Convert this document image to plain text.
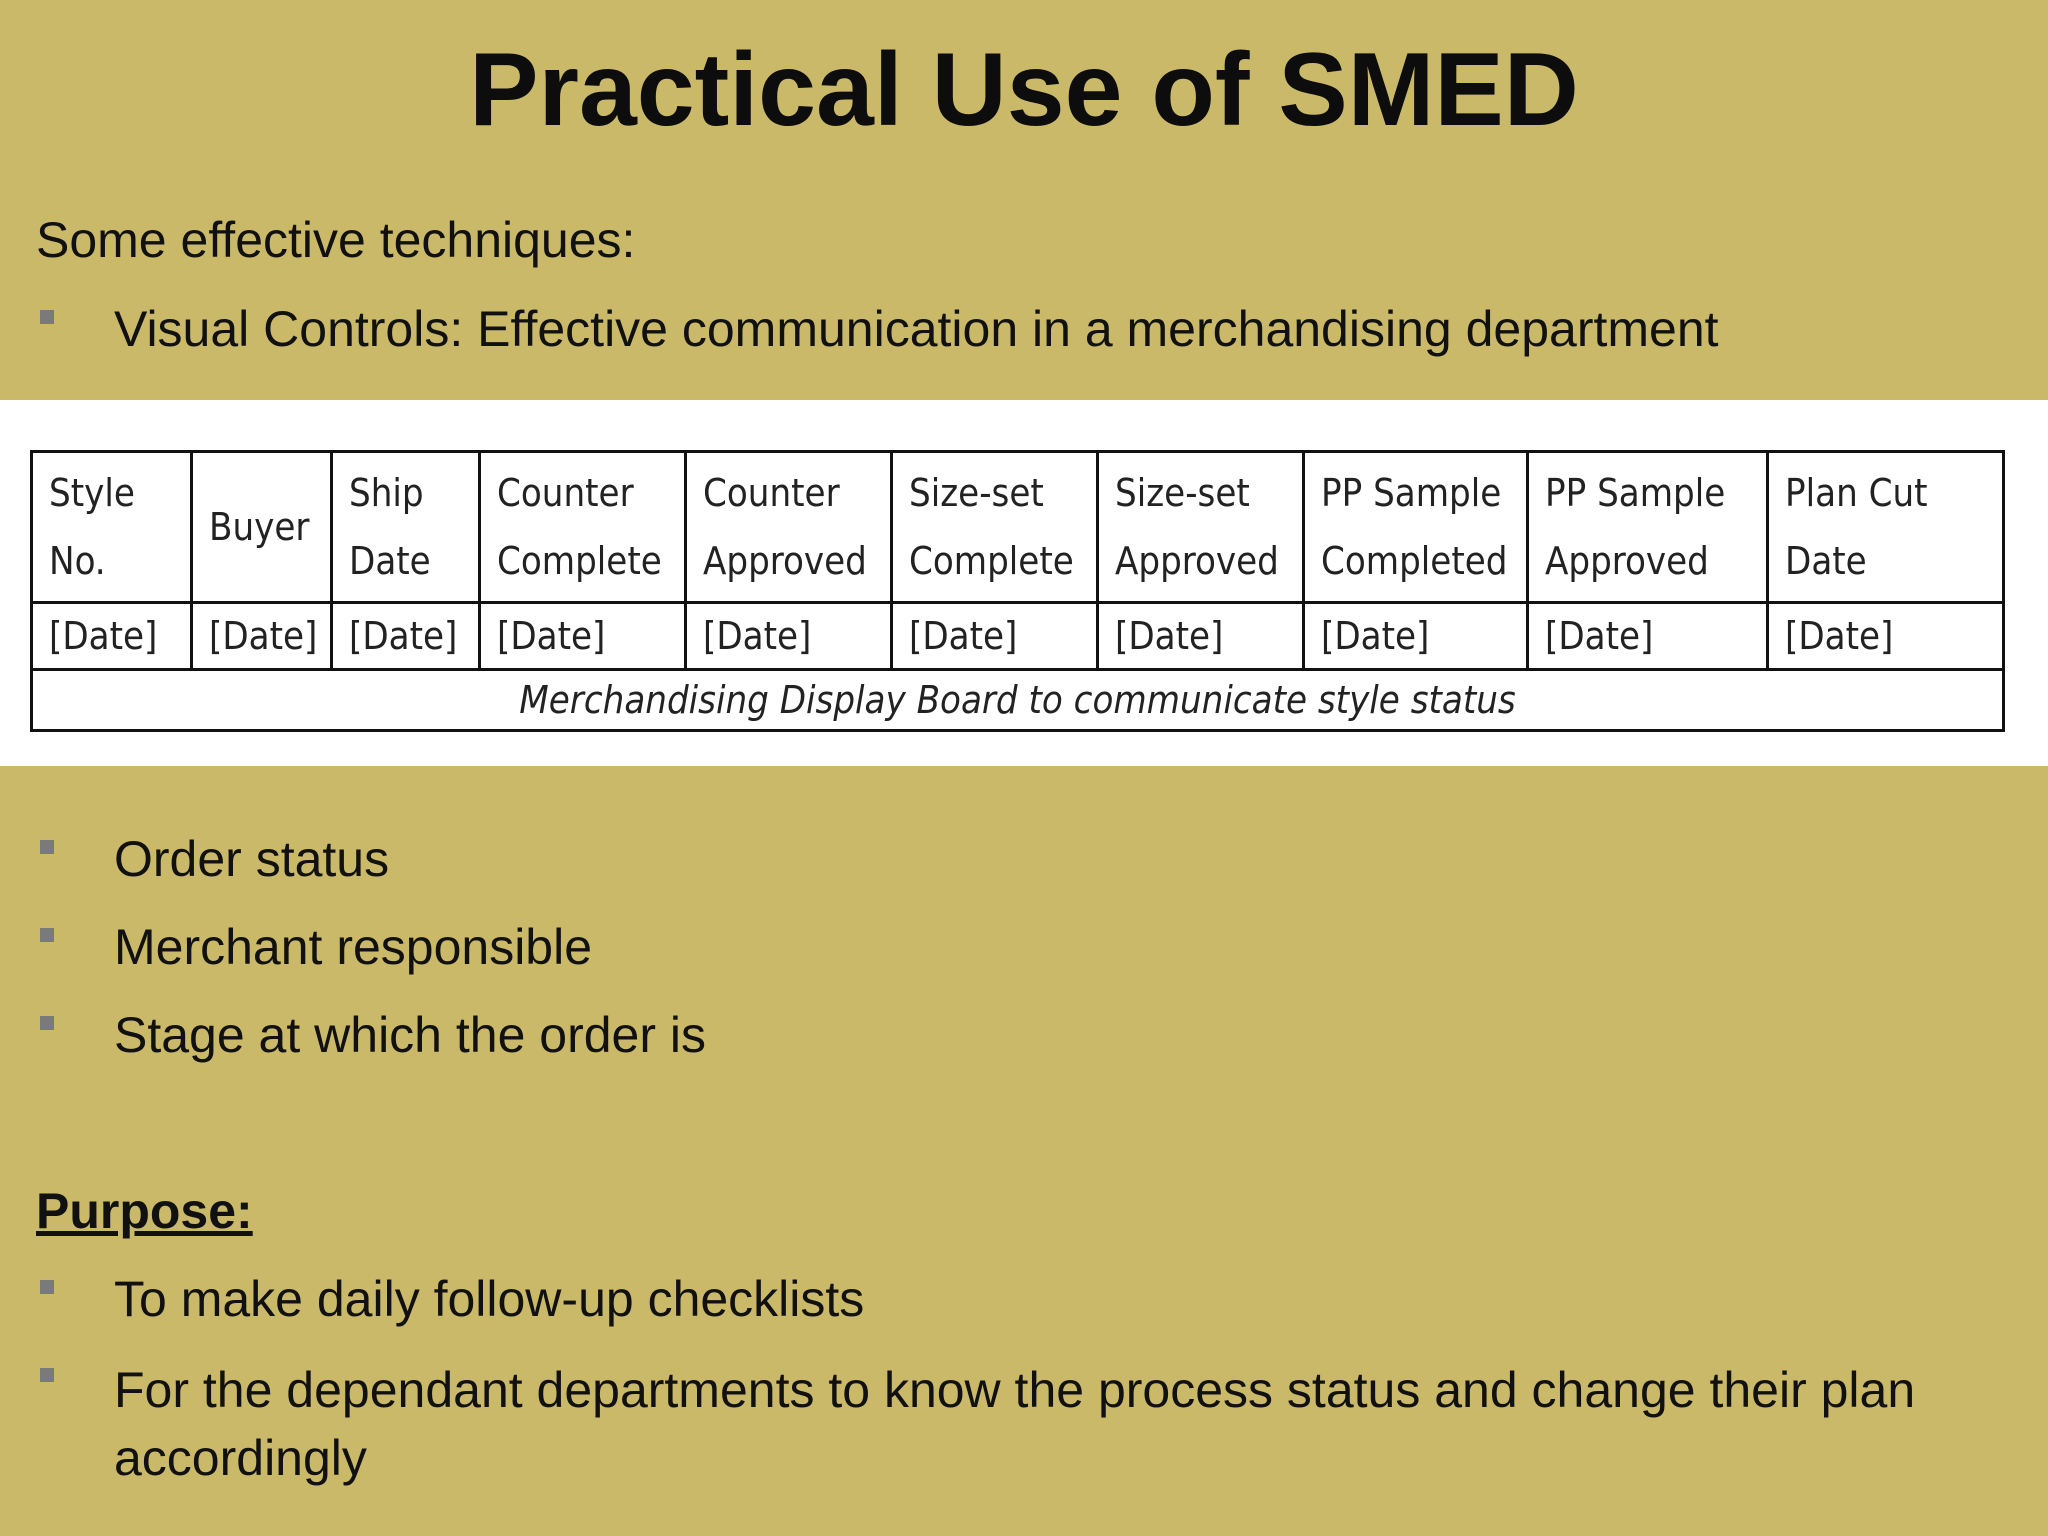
Practical Use of SMED
Some effective techniques:
Visual Controls: Effective communication in a merchandising department
Style No.	Buyer	Ship Date	Counter Complete	Counter Approved	Size-set Complete	Size-set Approved	PP Sample Completed	PP Sample Approved	Plan Cut Date
[Date]	[Date]	[Date]	[Date]	[Date]	[Date]	[Date]	[Date]	[Date]	[Date]
Merchandising Display Board to communicate style status									
Order status
Merchant responsible
Stage at which the order is
Purpose:
To make daily follow-up checklists
For the dependant departments to know the process status and change their plan accordingly
